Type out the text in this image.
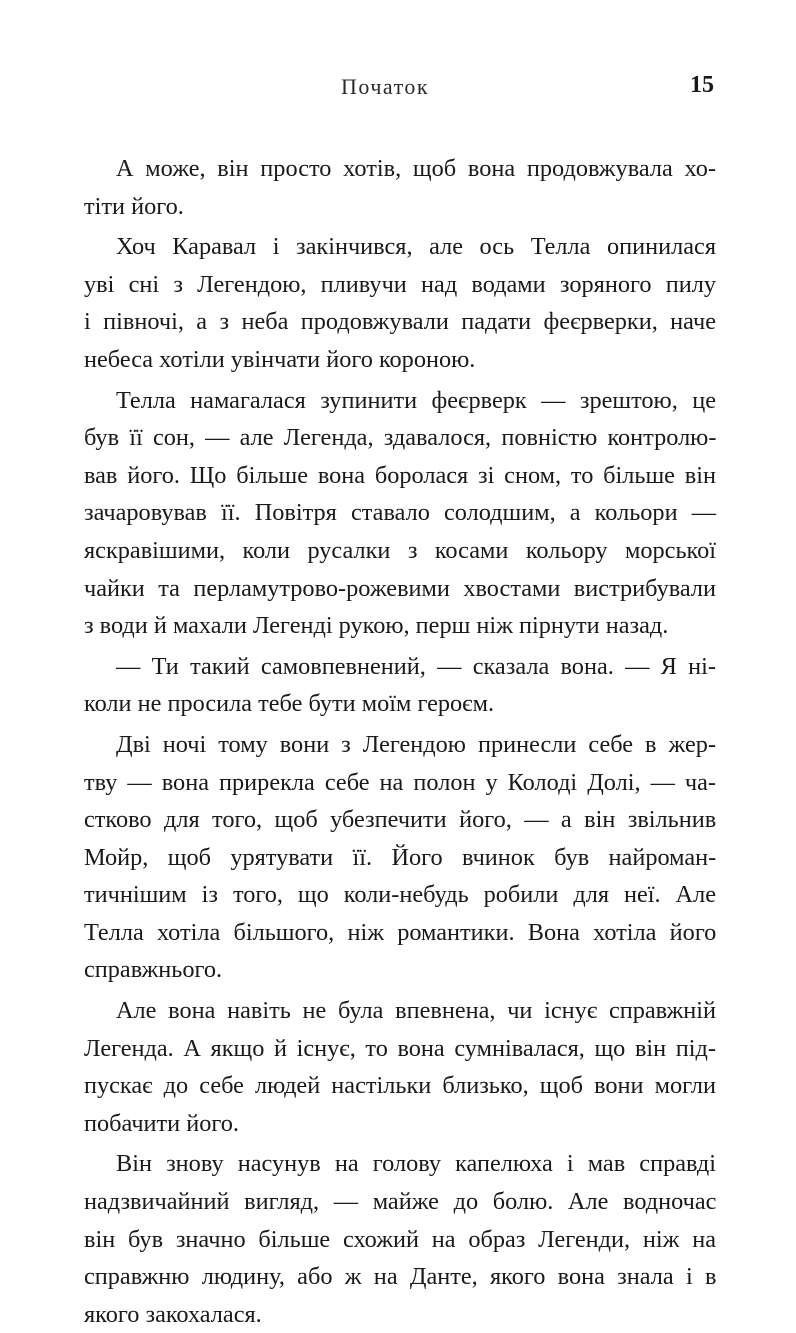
Початок	15

А може, він просто хотів, щоб вона продовжувала хо-
тіти його.

Хоч Каравал і закінчився, але ось Телла опинилася
уві сні з Легендою, пливучи над водами зоряного пилу
і півночі, а з неба продовжували падати феєрверки, наче
небеса хотіли увінчати його короною.

Телла намагалася зупинити феєрверк — зрештою, це
був її сон, — але Легенда, здавалося, повністю контролю-
вав його. Що більше вона боролася зі сном, то більше він
зачаровував її. Повітря ставало солодшим, а кольори —
яскравішими, коли русалки з косами кольору морської
чайки та перламутрово-рожевими хвостами вистрибували
з води й махали Легенді рукою, перш ніж пірнути назад.

— Ти такий самовпевнений, — сказала вона. — Я ні-
коли не просила тебе бути моїм героєм.

Дві ночі тому вони з Легендою принесли себе в жер-
тву — вона прирекла себе на полон у Колоді Долі, — ча-
стково для того, щоб убезпечити його, — а він звільнив
Мойр, щоб урятувати її. Його вчинок був найроман-
тичнішим із того, що коли-небудь робили для неї. Але
Телла хотіла більшого, ніж романтики. Вона хотіла його
справжнього.

Але вона навіть не була впевнена, чи існує справжній
Легенда. А якщо й існує, то вона сумнівалася, що він під-
пускає до себе людей настільки близько, щоб вони могли
побачити його.

Він знову насунув на голову капелюха і мав справді
надзвичайний вигляд, — майже до болю. Але водночас
він був значно більше схожий на образ Легенди, ніж на
справжню людину, або ж на Данте, якого вона знала і в
якого закохалася.
